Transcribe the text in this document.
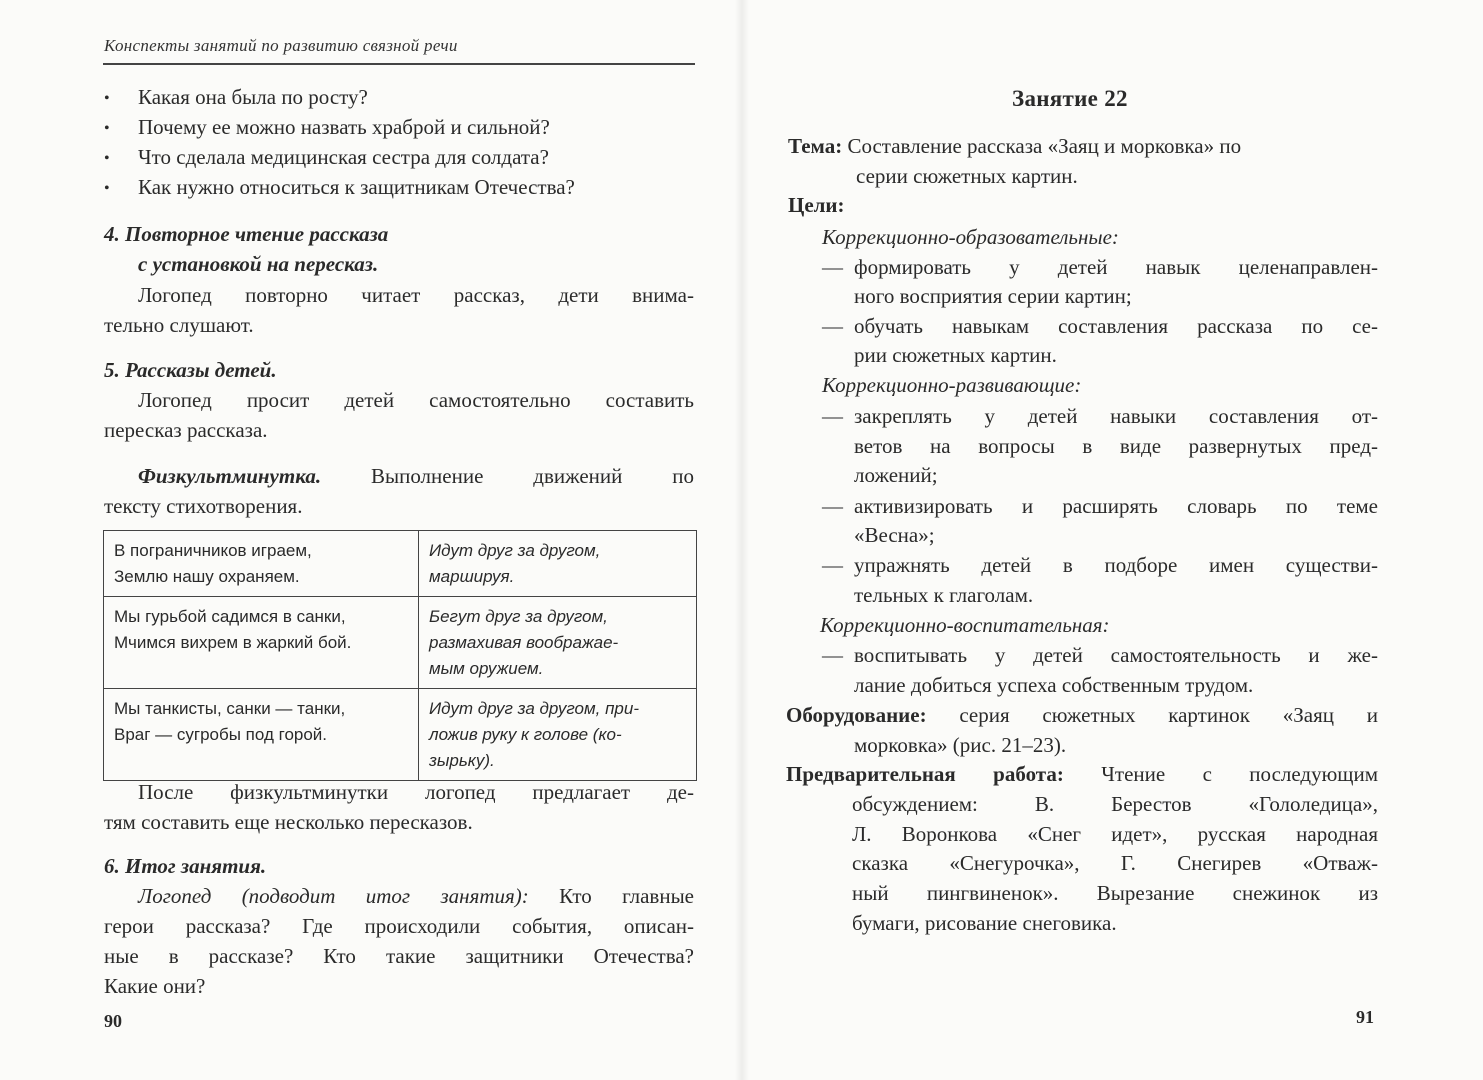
Конспекты занятий по развитию связной речи
• Какая она была по росту?
• Почему ее можно назвать храброй и сильной?
• Что сделала медицинская сестра для солдата?
• Как нужно относиться к защитникам Отечества?
4. Повторное чтение рассказа
с установкой на пересказ.
Логопед повторно читает рассказ, дети внима-
тельно слушают.
5. Рассказы детей.
Логопед просит детей самостоятельно составить
пересказ рассказа.
Физкультминутка. Выполнение движений по
тексту стихотворения.
В пограничников играем,
Землю нашу охраняем.	Идут друг за другом,
маршируя.

Мы гурьбой садимся в санки,
Мчимся вихрем в жаркий бой.	Бегут друг за другом,
размахивая воображае-
мым оружием.

Мы танкисты, санки — танки,
Враг — сугробы под горой.	Идут друг за другом, при-
ложив руку к голове (ко-
зырьку).
После физкультминутки логопед предлагает де-
тям составить еще несколько пересказов.
6. Итог занятия.
Логопед (подводит итог занятия): Кто главные
герои рассказа? Где происходили события, описан-
ные в рассказе? Кто такие защитники Отечества?
Какие они?
90
Занятие 22
Тема: Составление рассказа «Заяц и морковка» по
серии сюжетных картин.
Цели:
Коррекционно-образовательные:
— формировать у детей навык целенаправлен-
ного восприятия серии картин;
— обучать навыкам составления рассказа по се-
рии сюжетных картин.
Коррекционно-развивающие:
— закреплять у детей навыки составления от-
ветов на вопросы в виде развернутых пред-
ложений;
— активизировать и расширять словарь по теме
«Весна»;
— упражнять детей в подборе имен существи-
тельных к глаголам.
Коррекционно-воспитательная:
— воспитывать у детей самостоятельность и же-
лание добиться успеха собственным трудом.
Оборудование: серия сюжетных картинок «Заяц и
морковка» (рис. 21–23).
Предварительная работа: Чтение с последующим
обсуждением: В. Берестов «Гололедица»,
Л. Воронкова «Снег идет», русская народная
сказка «Снегурочка», Г. Снегирев «Отваж-
ный пингвиненок». Вырезание снежинок из
бумаги, рисование снеговика.
91
